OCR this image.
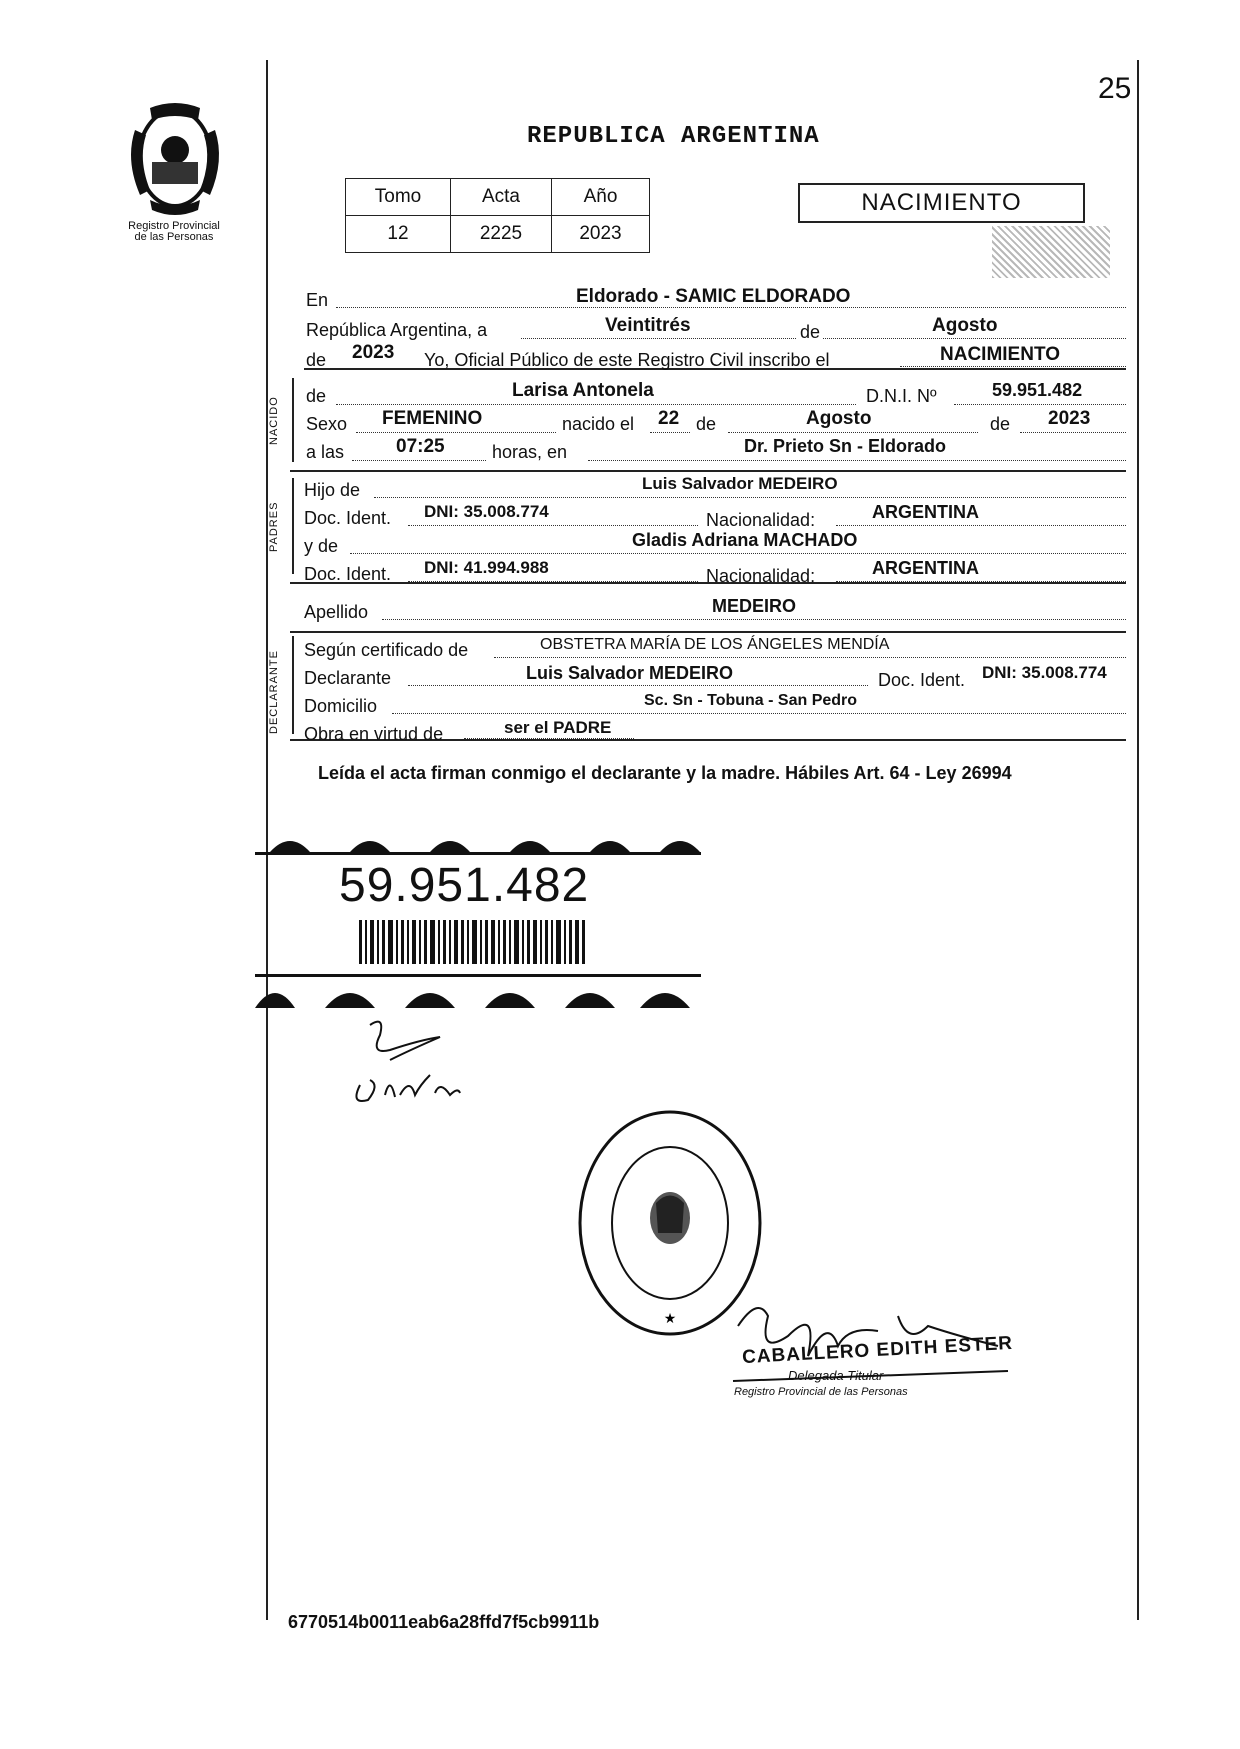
25
Registro Provincial
de las Personas
REPUBLICA ARGENTINA
Tomo	Acta	Año
12	2225	2023
NACIMIENTO
NACIDO
PADRES
DECLARANTE
En	Eldorado - SAMIC ELDORADO
República Argentina, a	Veintitrés	de	Agosto
de 2023 Yo, Oficial Público de este Registro Civil inscribo el	NACIMIENTO
de	Larisa Antonela	D.N.I. Nº	59.951.482
Sexo FEMENINO	nacido el 22 de	Agosto	de 2023
a las	07:25	horas, en	Dr. Prieto Sn - Eldorado
Hijo de	Luis Salvador MEDEIRO
Doc. Ident. DNI: 35.008.774	Nacionalidad:	ARGENTINA
y de	Gladis Adriana MACHADO
Doc. Ident. DNI: 41.994.988	Nacionalidad:	ARGENTINA
Apellido	MEDEIRO
Según certificado de	OBSTETRA MARÍA DE LOS ÁNGELES MENDÍA
Declarante	Luis Salvador MEDEIRO	Doc. Ident. DNI: 35.008.774
Domicilio	Sc. Sn - Tobuna - San Pedro
Obra en virtud de	ser el PADRE
Leída el acta firman conmigo el declarante y la madre. Hábiles Art. 64 - Ley 26994
59.951.482
★
CABALLERO EDITH ESTER
Delegada Titular
Registro Provincial de las Personas
6770514b0011eab6a28ffd7f5cb9911b
